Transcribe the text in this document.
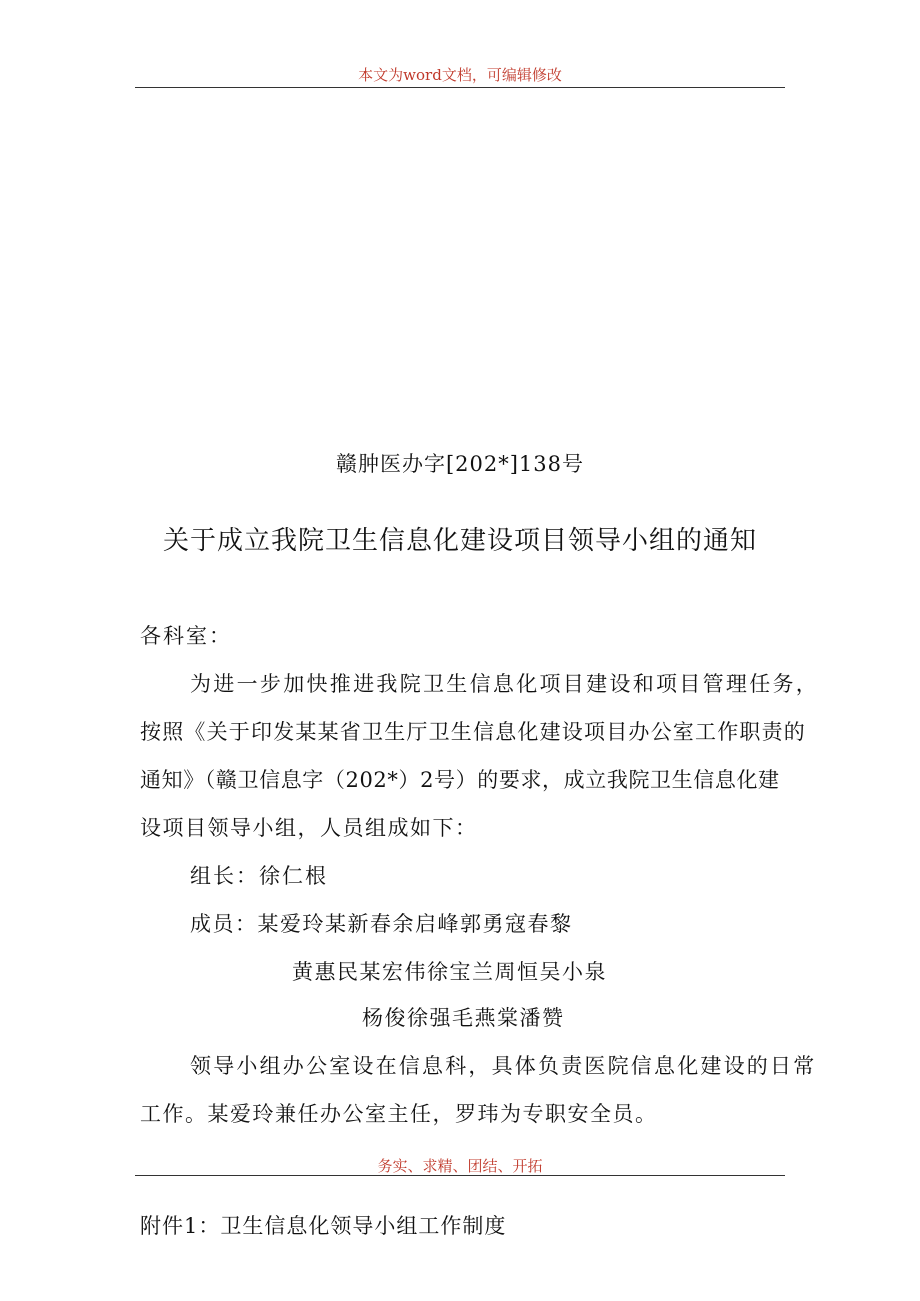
本文为word文档，可编辑修改
赣肿医办字[202*]138号
关于成立我院卫生信息化建设项目领导小组的通知
各科室：
为进一步加快推进我院卫生信息化项目建设和项目管理任务，
按照《关于印发某某省卫生厅卫生信息化建设项目办公室工作职责的
通知》（赣卫信息字（202*）2号）的要求，成立我院卫生信息化建
设项目领导小组，人员组成如下：
组长：徐仁根
成员：某爱玲某新春余启峰郭勇寇春黎
黄惠民某宏伟徐宝兰周恒吴小泉
杨俊徐强毛燕棠潘赞
领导小组办公室设在信息科，具体负责医院信息化建设的日常
工作。某爱玲兼任办公室主任，罗玮为专职安全员。
务实、求精、团结、开拓
附件1：卫生信息化领导小组工作制度
